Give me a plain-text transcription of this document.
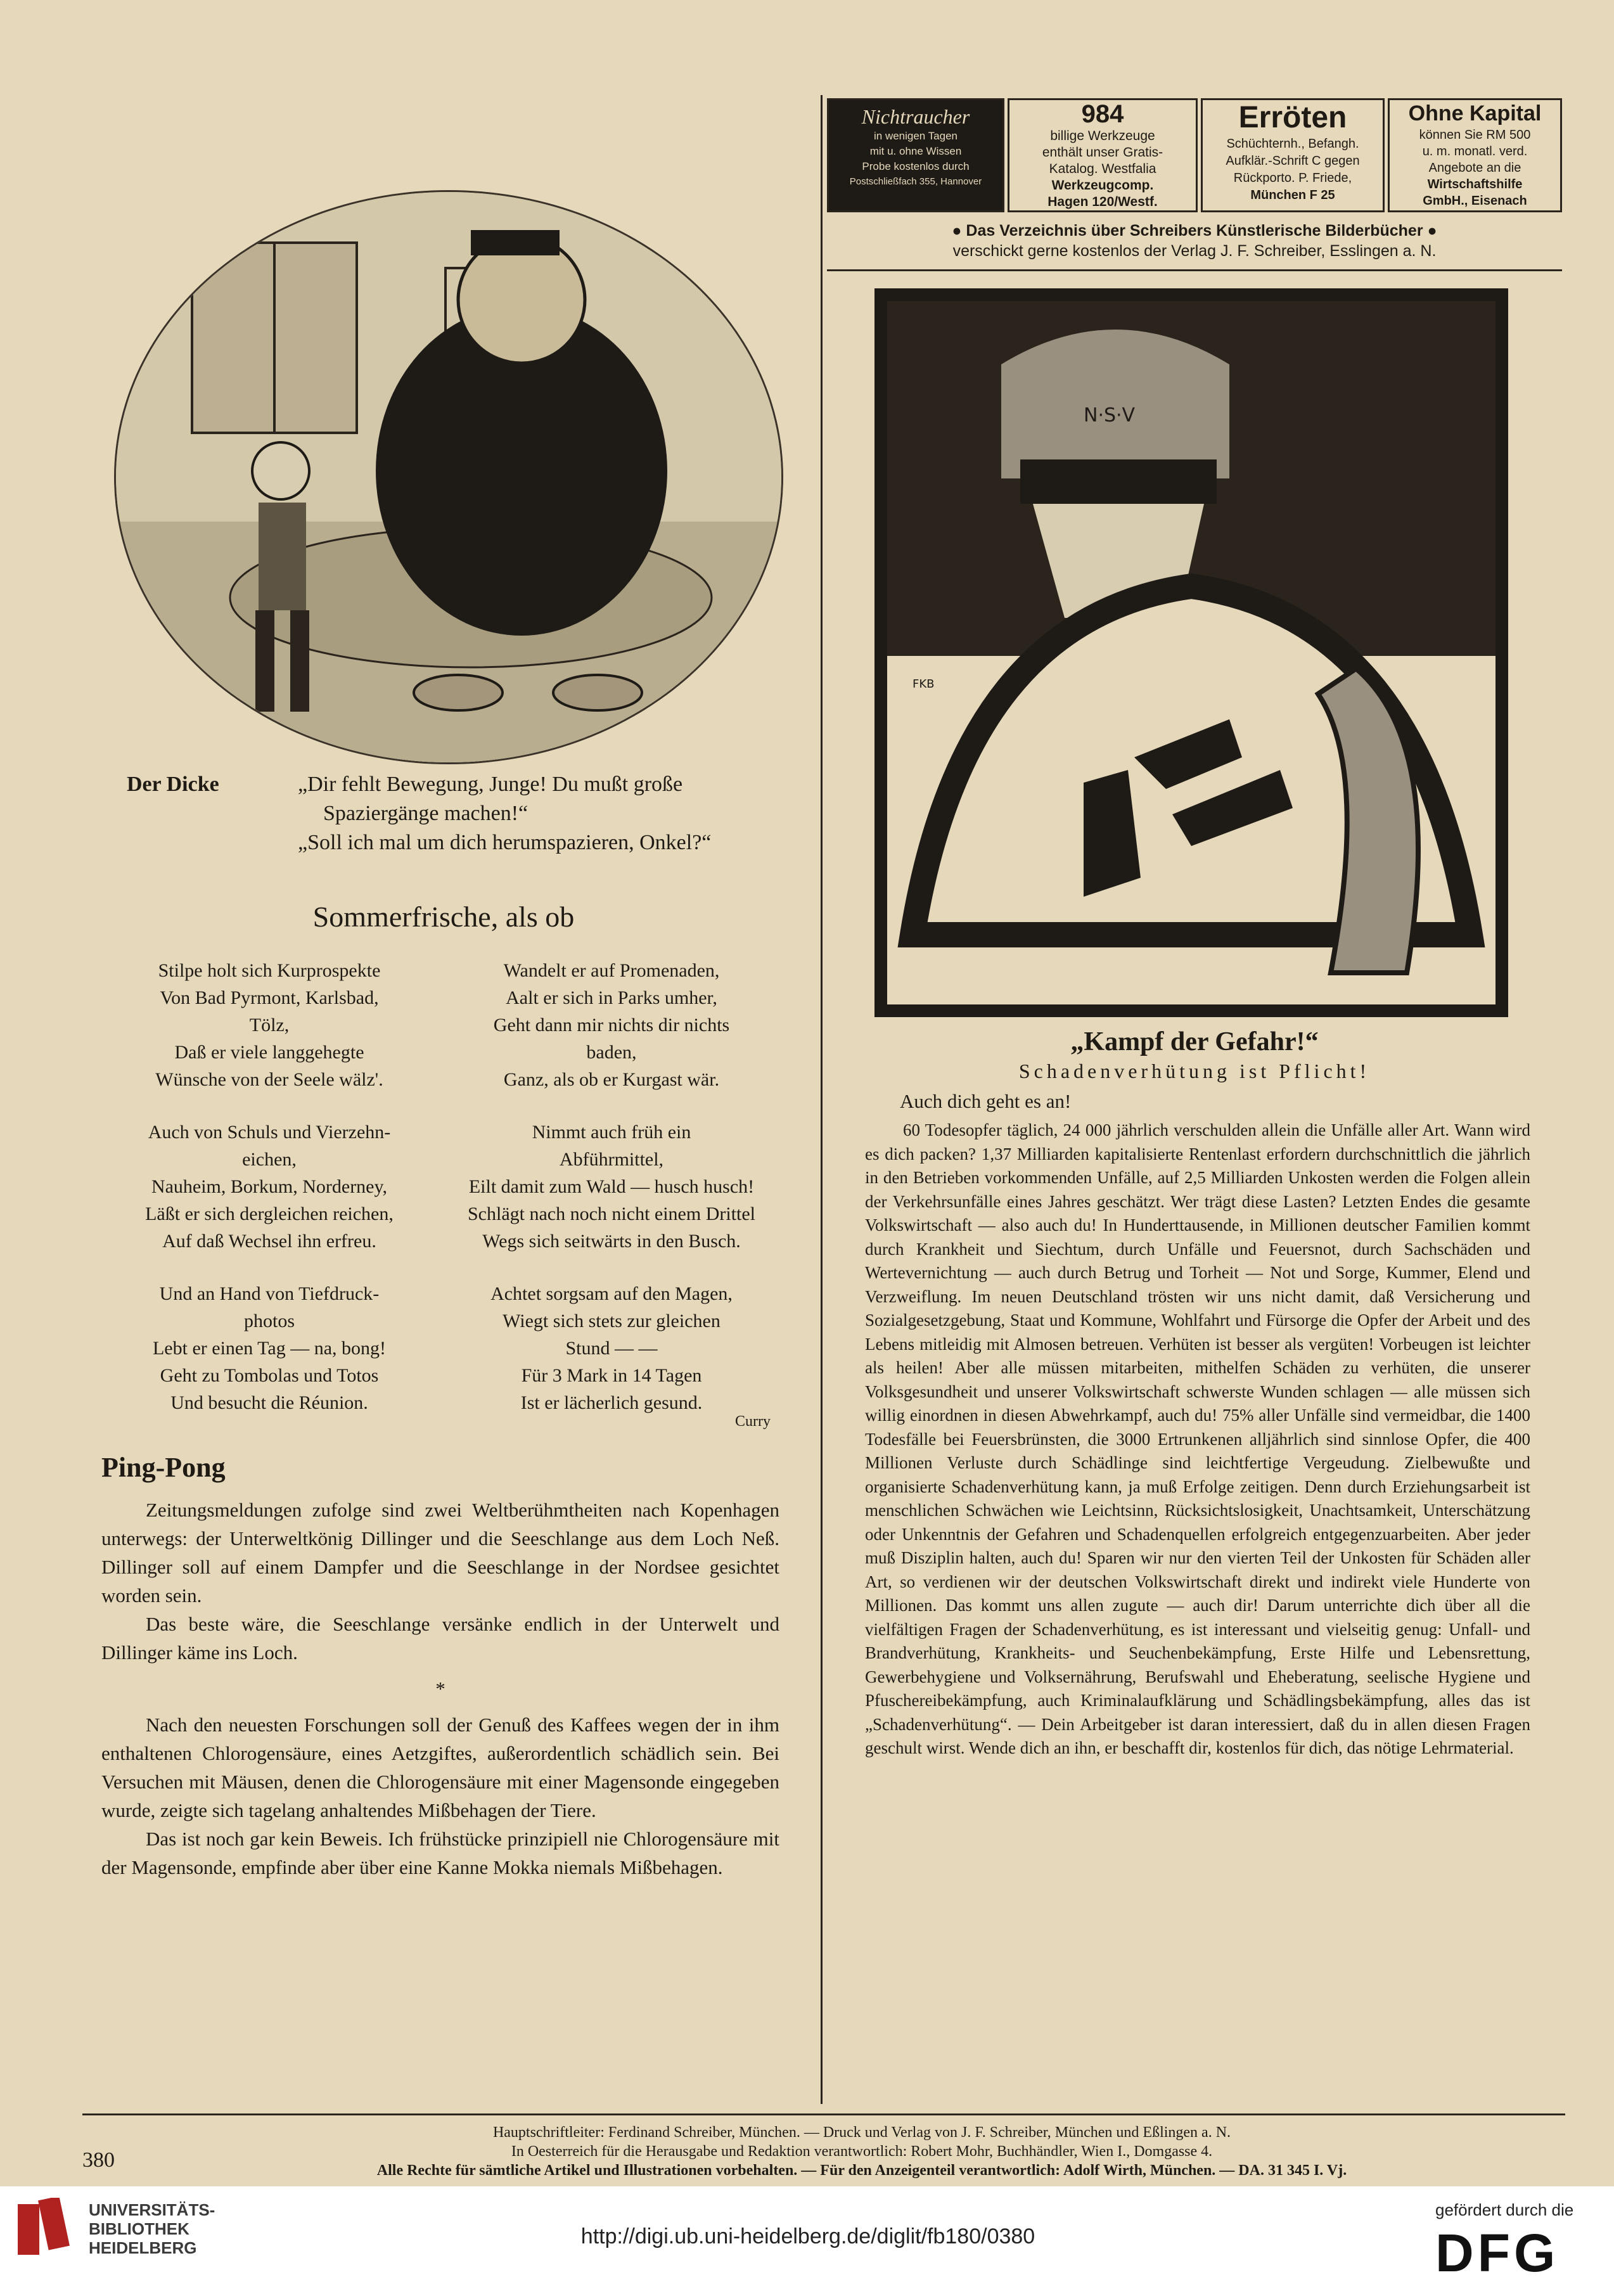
Der Dicke	„Dir fehlt Bewegung, Junge! Du mußt große
Spaziergänge machen!“
„Soll ich mal um dich herumspazieren, Onkel?“
Sommerfrische, als ob
Stilpe holt sich Kurprospekte
Von Bad Pyrmont, Karlsbad,
Tölz,
Daß er viele langgehegte
Wünsche von der Seele wälz'.
Auch von Schuls und Vierzehn-
eichen,
Nauheim, Borkum, Norderney,
Läßt er sich dergleichen reichen,
Auf daß Wechsel ihn erfreu.
Und an Hand von Tiefdruck-
photos
Lebt er einen Tag — na, bong!
Geht zu Tombolas und Totos
Und besucht die Réunion.
Wandelt er auf Promenaden,
Aalt er sich in Parks umher,
Geht dann mir nichts dir nichts
baden,
Ganz, als ob er Kurgast wär.
Nimmt auch früh ein
Abführmittel,
Eilt damit zum Wald — husch husch!
Schlägt nach noch nicht einem Drittel
Wegs sich seitwärts in den Busch.
Achtet sorgsam auf den Magen,
Wiegt sich stets zur gleichen
Stund — —
Für 3 Mark in 14 Tagen
Ist er lächerlich gesund.
Curry
Ping-Pong

Zeitungsmeldungen zufolge sind zwei Weltberühmtheiten nach Kopenhagen unterwegs: der Unterweltkönig Dillinger und die Seeschlange aus dem Loch Neß. Dillinger soll auf einem Dampfer und die Seeschlange in der Nordsee gesichtet worden sein.

Das beste wäre, die Seeschlange versänke endlich in der Unterwelt und Dillinger käme ins Loch.

*

Nach den neuesten Forschungen soll der Genuß des Kaffees wegen der in ihm enthaltenen Chlorogensäure, eines Aetzgiftes, außerordentlich schädlich sein. Bei Versuchen mit Mäusen, denen die Chlorogensäure mit einer Magensonde eingegeben wurde, zeigte sich tagelang anhaltendes Mißbehagen der Tiere.

Das ist noch gar kein Beweis. Ich frühstücke prinzipiell nie Chlorogensäure mit der Magensonde, empfinde aber über eine Kanne Mokka niemals Mißbehagen.

Nichtraucher
in wenigen Tagen
mit u. ohne Wissen
Probe kostenlos durch
Postschließfach 355, Hannover
984
billige Werkzeuge
enthält unser Gratis-
Katalog. Westfalia
Werkzeugcomp.
Hagen 120/Westf.
Erröten
Schüchternh., Befangh.
Aufklär.-Schrift C gegen
Rückporto. P. Friede,
München F 25
Ohne Kapital
können Sie RM 500
u. m. monatl. verd.
Angebote an die
Wirtschaftshilfe
GmbH., Eisenach
● Das Verzeichnis über Schreibers Künstlerische Bilderbücher ●
verschickt gerne kostenlos der Verlag J. F. Schreiber, Esslingen a. N.
N·S·V
FKB
„Kampf der Gefahr!“
Schadenverhütung ist Pflicht!
Auch dich geht es an!
60 Todesopfer täglich, 24 000 jährlich verschulden allein die Unfälle aller Art. Wann wird es dich packen? 1,37 Milliarden kapitalisierte Rentenlast erfordern durchschnittlich die jährlich in den Betrieben vorkommenden Unfälle, auf 2,5 Milliarden Unkosten werden die Folgen allein der Verkehrsunfälle eines Jahres geschätzt. Wer trägt diese Lasten? Letzten Endes die gesamte Volkswirtschaft — also auch du! In Hunderttausende, in Millionen deutscher Familien kommt durch Krankheit und Siechtum, durch Unfälle und Feuersnot, durch Sachschäden und Wertevernichtung — auch durch Betrug und Torheit — Not und Sorge, Kummer, Elend und Verzweiflung. Im neuen Deutschland trösten wir uns nicht damit, daß Versicherung und Sozialgesetzgebung, Staat und Kommune, Wohlfahrt und Fürsorge die Opfer der Arbeit und des Lebens mitleidig mit Almosen betreuen. Verhüten ist besser als vergüten! Vorbeugen ist leichter als heilen! Aber alle müssen mitarbeiten, mithelfen Schäden zu verhüten, die unserer Volksgesundheit und unserer Volkswirtschaft schwerste Wunden schlagen — alle müssen sich willig einordnen in diesen Abwehrkampf, auch du! 75% aller Unfälle sind vermeidbar, die 1400 Todesfälle bei Feuersbrünsten, die 3000 Ertrunkenen alljährlich sind sinnlose Opfer, die 400 Millionen Verluste durch Schädlinge sind leichtfertige Vergeudung. Zielbewußte und organisierte Schadenverhütung kann, ja muß Erfolge zeitigen. Denn durch Erziehungsarbeit ist menschlichen Schwächen wie Leichtsinn, Rücksichtslosigkeit, Unachtsamkeit, Unterschätzung oder Unkenntnis der Gefahren und Schadenquellen erfolgreich entgegenzuarbeiten. Aber jeder muß Disziplin halten, auch du! Sparen wir nur den vierten Teil der Unkosten für Schäden aller Art, so verdienen wir der deutschen Volkswirtschaft direkt und indirekt viele Hunderte von Millionen. Das kommt uns allen zugute — auch dir! Darum unterrichte dich über all die vielfältigen Fragen der Schadenverhütung, es ist interessant und vielseitig genug: Unfall- und Brandverhütung, Krankheits- und Seuchenbekämpfung, Erste Hilfe und Lebensrettung, Gewerbehygiene und Volksernährung, Berufswahl und Eheberatung, seelische Hygiene und Pfuschereibekämpfung, auch Kriminalaufklärung und Schädlingsbekämpfung, alles das ist „Schadenverhütung“. — Dein Arbeitgeber ist daran interessiert, daß du in allen diesen Fragen geschult wirst. Wende dich an ihn, er beschafft dir, kostenlos für dich, das nötige Lehrmaterial.
380
Hauptschriftleiter: Ferdinand Schreiber, München. — Druck und Verlag von J. F. Schreiber, München und Eßlingen a. N.
In Oesterreich für die Herausgabe und Redaktion verantwortlich: Robert Mohr, Buchhändler, Wien I., Domgasse 4.
Alle Rechte für sämtliche Artikel und Illustrationen vorbehalten. — Für den Anzeigenteil verantwortlich: Adolf Wirth, München. — DA. 31 345 I. Vj.
UNIVERSITÄTS-
BIBLIOTHEK
HEIDELBERG	http://digi.ub.uni-heidelberg.de/diglit/fb180/0380
gefördert durch die
DFG
